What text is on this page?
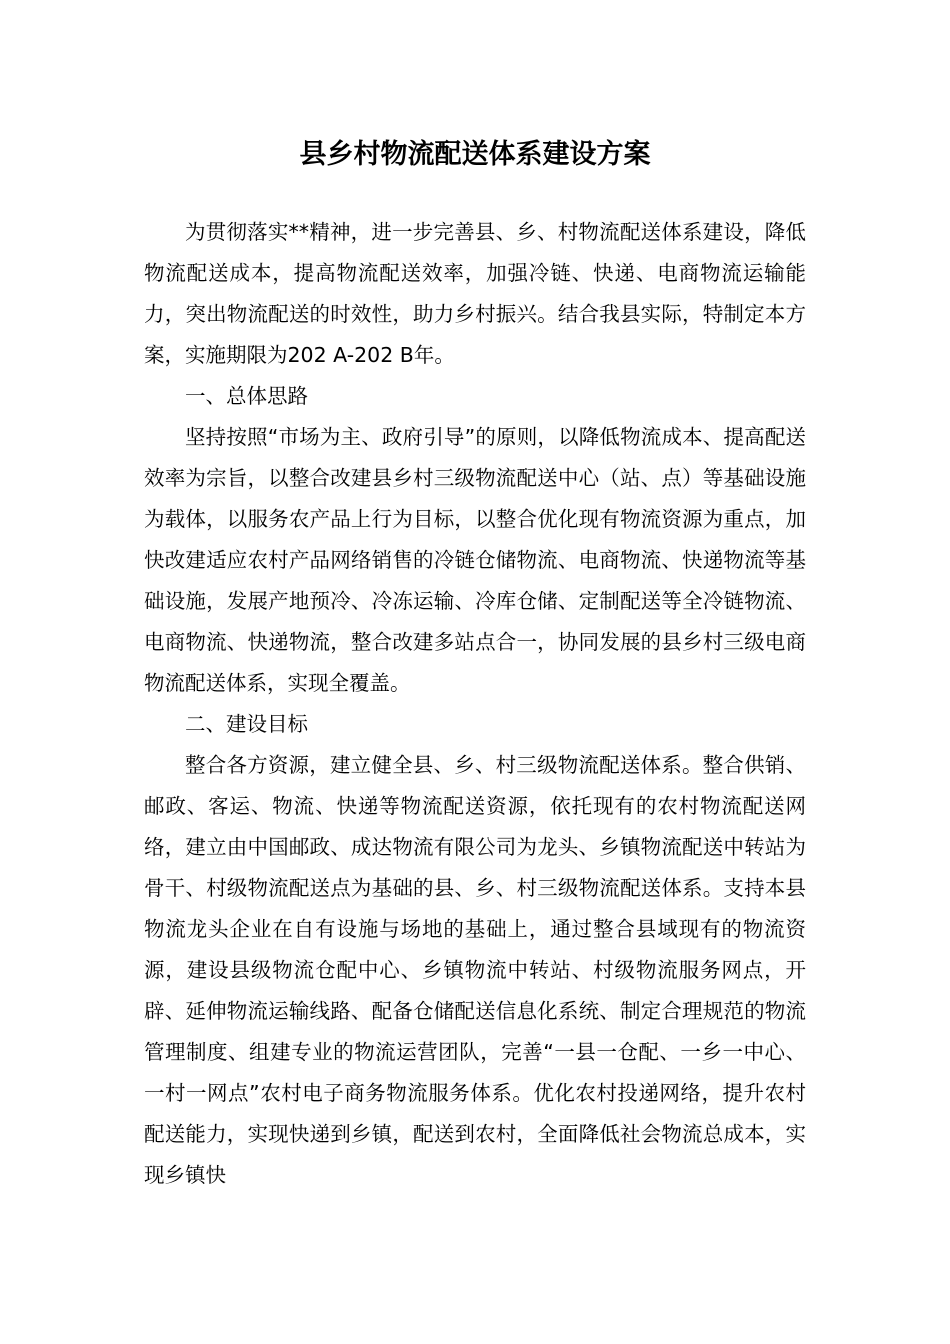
县乡村物流配送体系建设方案

为贯彻落实**精神，进一步完善县、乡、村物流配送体系建设，降低物流配送成本，提高物流配送效率，加强冷链、快递、电商物流运输能力，突出物流配送的时效性，助力乡村振兴。结合我县实际，特制定本方案，实施期限为202 A-202 B年。

一、总体思路

坚持按照“市场为主、政府引导”的原则，以降低物流成本、提高配送效率为宗旨，以整合改建县乡村三级物流配送中心（站、点）等基础设施为载体，以服务农产品上行为目标，以整合优化现有物流资源为重点，加快改建适应农村产品网络销售的冷链仓储物流、电商物流、快递物流等基础设施，发展产地预冷、冷冻运输、冷库仓储、定制配送等全冷链物流、电商物流、快递物流，整合改建多站点合一，协同发展的县乡村三级电商物流配送体系，实现全覆盖。

二、建设目标

整合各方资源，建立健全县、乡、村三级物流配送体系。整合供销、邮政、客运、物流、快递等物流配送资源，依托现有的农村物流配送网络，建立由中国邮政、成达物流有限公司为龙头、乡镇物流配送中转站为骨干、村级物流配送点为基础的县、乡、村三级物流配送体系。支持本县物流龙头企业在自有设施与场地的基础上，通过整合县域现有的物流资源，建设县级物流仓配中心、乡镇物流中转站、村级物流服务网点，开辟、延伸物流运输线路、配备仓储配送信息化系统、制定合理规范的物流管理制度、组建专业的物流运营团队，完善“一县一仓配、一乡一中心、一村一网点”农村电子商务物流服务体系。优化农村投递网络，提升农村配送能力，实现快递到乡镇，配送到农村，全面降低社会物流总成本，实现乡镇快
